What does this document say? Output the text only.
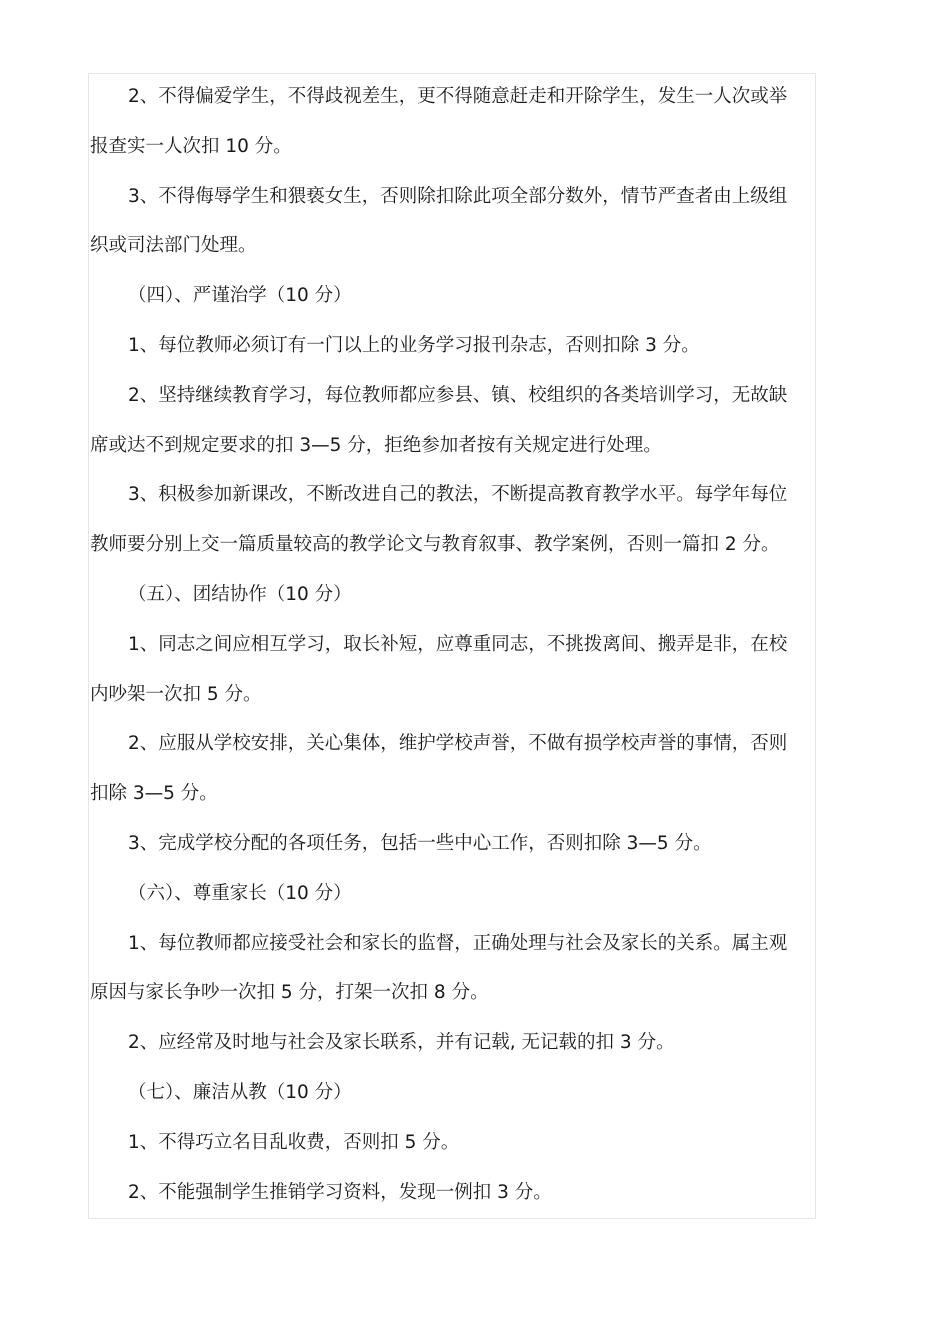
2、不得偏爱学生，不得歧视差生，更不得随意赶走和开除学生，发生一人次或举
报查实一人次扣 10 分。
3、不得侮辱学生和猥亵女生，否则除扣除此项全部分数外，情节严查者由上级组
织或司法部门处理。
（四）、严谨治学（10 分）
1、每位教师必须订有一门以上的业务学习报刊杂志，否则扣除 3 分。
2、坚持继续教育学习，每位教师都应参县、镇、校组织的各类培训学习，无故缺
席或达不到规定要求的扣 3—5 分，拒绝参加者按有关规定进行处理。
3、积极参加新课改，不断改进自己的教法，不断提高教育教学水平。每学年每位
教师要分别上交一篇质量较高的教学论文与教育叙事、教学案例，否则一篇扣 2 分。
（五）、团结协作（10 分）
1、同志之间应相互学习，取长补短，应尊重同志，不挑拨离间、搬弄是非，在校
内吵架一次扣 5 分。
2、应服从学校安排，关心集体，维护学校声誉，不做有损学校声誉的事情，否则
扣除 3—5 分。
3、完成学校分配的各项任务，包括一些中心工作，否则扣除 3—5 分。
（六）、尊重家长（10 分）
1、每位教师都应接受社会和家长的监督，正确处理与社会及家长的关系。属主观
原因与家长争吵一次扣 5 分，打架一次扣 8 分。
2、应经常及时地与社会及家长联系，并有记载, 无记载的扣 3 分。
（七）、廉洁从教（10 分）
1、不得巧立名目乱收费，否则扣 5 分。
2、不能强制学生推销学习资料，发现一例扣 3 分。
